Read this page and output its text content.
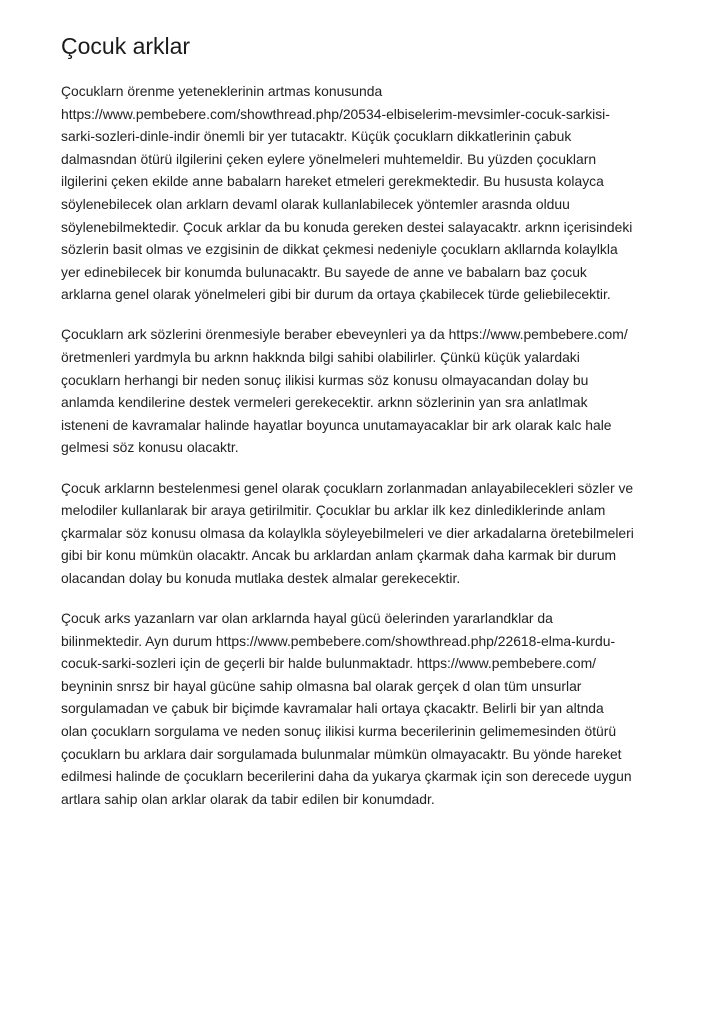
Çocuk arklar

Çocuklarn örenme yeteneklerinin artmas konusunda
https://www.pembebere.com/showthread.php/20534-elbiselerim-mevsimler-cocuk-sarkisi-
sarki-sozleri-dinle-indir önemli bir yer tutacaktr. Küçük çocuklarn dikkatlerinin çabuk
dalmasndan ötürü ilgilerini çeken eylere yönelmeleri muhtemeldir. Bu yüzden çocuklarn
ilgilerini çeken ekilde anne babalarn hareket etmeleri gerekmektedir. Bu hususta kolayca
söylenebilecek olan arklarn devaml olarak kullanlabilecek yöntemler arasnda olduu
söylenebilmektedir. Çocuk arklar da bu konuda gereken destei salayacaktr. arknn içerisindeki
sözlerin basit olmas ve ezgisinin de dikkat çekmesi nedeniyle çocuklarn akllarnda kolaylkla
yer edinebilecek bir konumda bulunacaktr. Bu sayede de anne ve babalarn baz çocuk
arklarna genel olarak yönelmeleri gibi bir durum da ortaya çkabilecek türde geliebilecektir.

Çocuklarn ark sözlerini örenmesiyle beraber ebeveynleri ya da https://www.pembebere.com/
öretmenleri yardmyla bu arknn hakknda bilgi sahibi olabilirler. Çünkü küçük yalardaki
çocuklarn herhangi bir neden sonuç ilikisi kurmas söz konusu olmayacandan dolay bu
anlamda kendilerine destek vermeleri gerekecektir. arknn sözlerinin yan sra anlatlmak
isteneni de kavramalar halinde hayatlar boyunca unutamayacaklar bir ark olarak kalc hale
gelmesi söz konusu olacaktr.

Çocuk arklarnn bestelenmesi genel olarak çocuklarn zorlanmadan anlayabilecekleri sözler ve
melodiler kullanlarak bir araya getirilmitir. Çocuklar bu arklar ilk kez dinlediklerinde anlam
çkarmalar söz konusu olmasa da kolaylkla söyleyebilmeleri ve dier arkadalarna öretebilmeleri
gibi bir konu mümkün olacaktr. Ancak bu arklardan anlam çkarmak daha karmak bir durum
olacandan dolay bu konuda mutlaka destek almalar gerekecektir.

Çocuk arks yazanlarn var olan arklarnda hayal gücü öelerinden yararlandklar da
bilinmektedir. Ayn durum https://www.pembebere.com/showthread.php/22618-elma-kurdu-
cocuk-sarki-sozleri için de geçerli bir halde bulunmaktadr. https://www.pembebere.com/
beyninin snrsz bir hayal gücüne sahip olmasna bal olarak gerçek d olan tüm unsurlar
sorgulamadan ve çabuk bir biçimde kavramalar hali ortaya çkacaktr. Belirli bir yan altnda
olan çocuklarn sorgulama ve neden sonuç ilikisi kurma becerilerinin gelimemesinden ötürü
çocuklarn bu arklara dair sorgulamada bulunmalar mümkün olmayacaktr. Bu yönde hareket
edilmesi halinde de çocuklarn becerilerini daha da yukarya çkarmak için son derecede uygun
artlara sahip olan arklar olarak da tabir edilen bir konumdadr.
